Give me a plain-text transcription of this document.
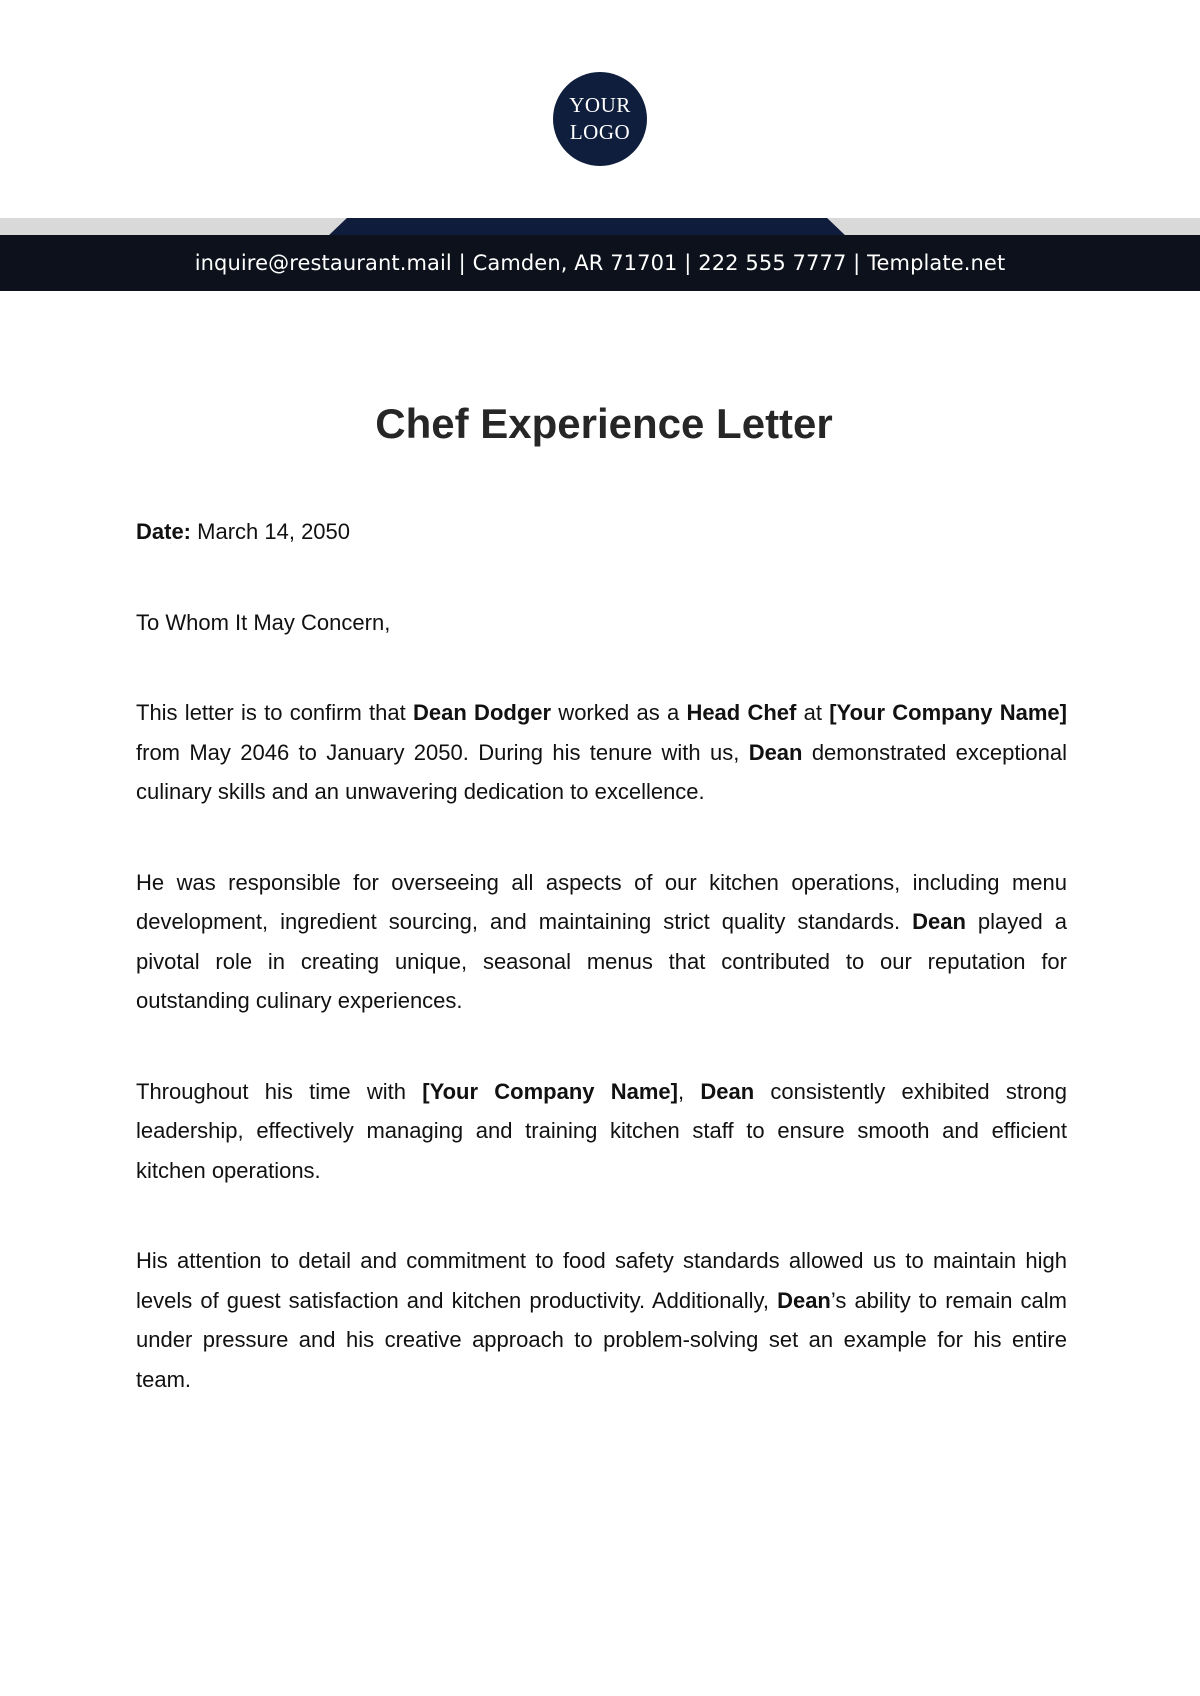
YOUR
LOGO
inquire@restaurant.mail | Camden, AR 71701 | 222 555 7777 | Template.net
Chef Experience Letter

Date: March 14, 2050

To Whom It May Concern,

This letter is to confirm that Dean Dodger worked as a Head Chef at [Your Company Name] from May 2046 to January 2050. During his tenure with us, Dean demonstrated exceptional culinary skills and an unwavering dedication to excellence.

He was responsible for overseeing all aspects of our kitchen operations, including menu development, ingredient sourcing, and maintaining strict quality standards. Dean played a pivotal role in creating unique, seasonal menus that contributed to our reputation for outstanding culinary experiences.

Throughout his time with [Your Company Name], Dean consistently exhibited strong leadership, effectively managing and training kitchen staff to ensure smooth and efficient kitchen operations.

His attention to detail and commitment to food safety standards allowed us to maintain high levels of guest satisfaction and kitchen productivity. Additionally, Dean’s ability to remain calm under pressure and his creative approach to problem-solving set an example for his entire team.
